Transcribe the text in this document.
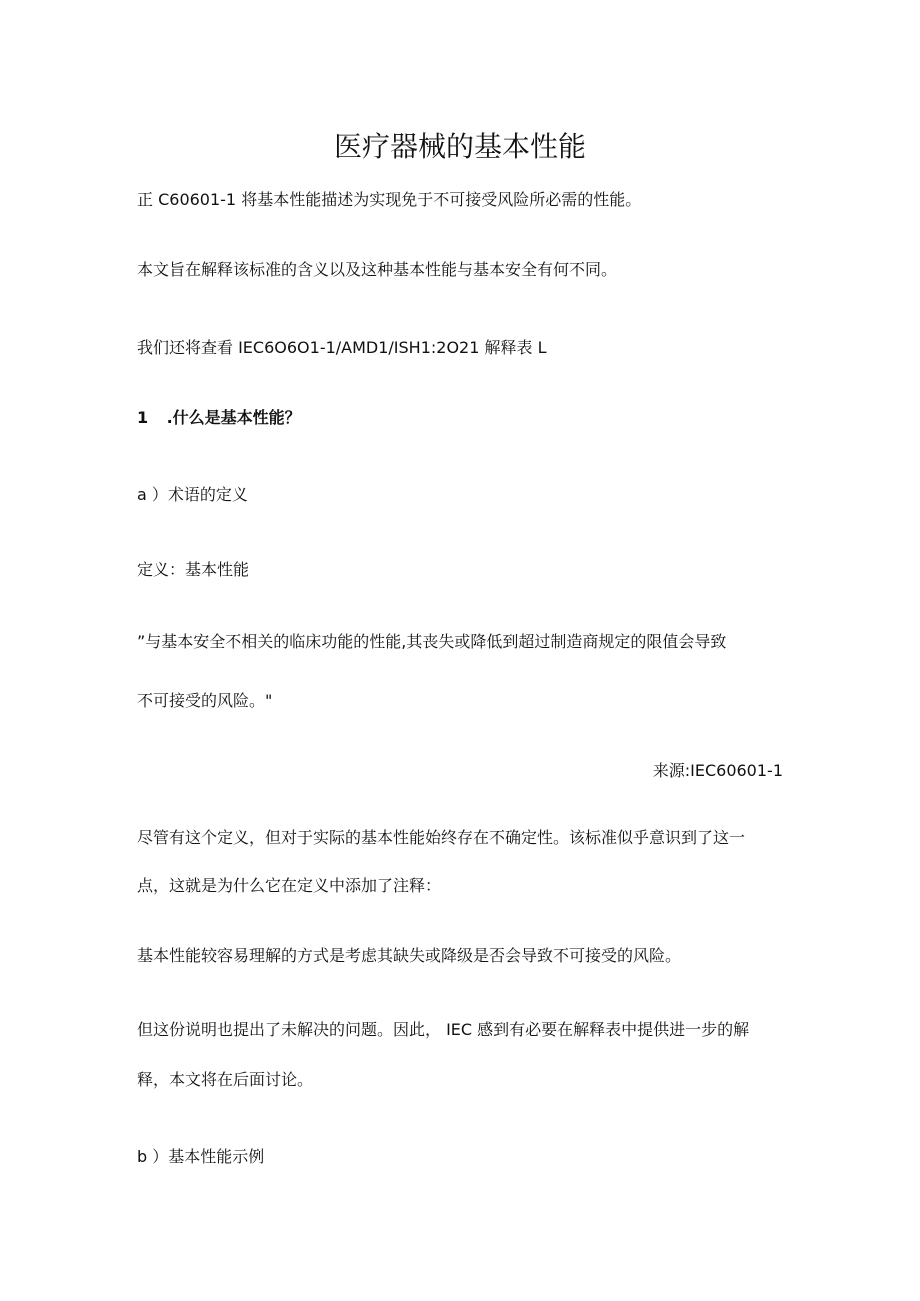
医疗器械的基本性能

正 C60601-1 将基本性能描述为实现免于不可接受风险所必需的性能。

本文旨在解释该标准的含义以及这种基本性能与基本安全有何不同。

我们还将查看 IEC6O6O1-1/AMD1/ISH1:2O21 解释表 L

1 .什么是基本性能？

a ）术语的定义

定义：基本性能

”与基本安全不相关的临床功能的性能,其丧失或降低到超过制造商规定的限值会导致

不可接受的风险。"

来源:IEC60601-1

尽管有这个定义，但对于实际的基本性能始终存在不确定性。该标准似乎意识到了这一

点，这就是为什么它在定义中添加了注释：

基本性能较容易理解的方式是考虑其缺失或降级是否会导致不可接受的风险。

但这份说明也提出了未解决的问题。因此， IEC 感到有必要在解释表中提供进一步的解

释，本文将在后面讨论。

b ）基本性能示例
